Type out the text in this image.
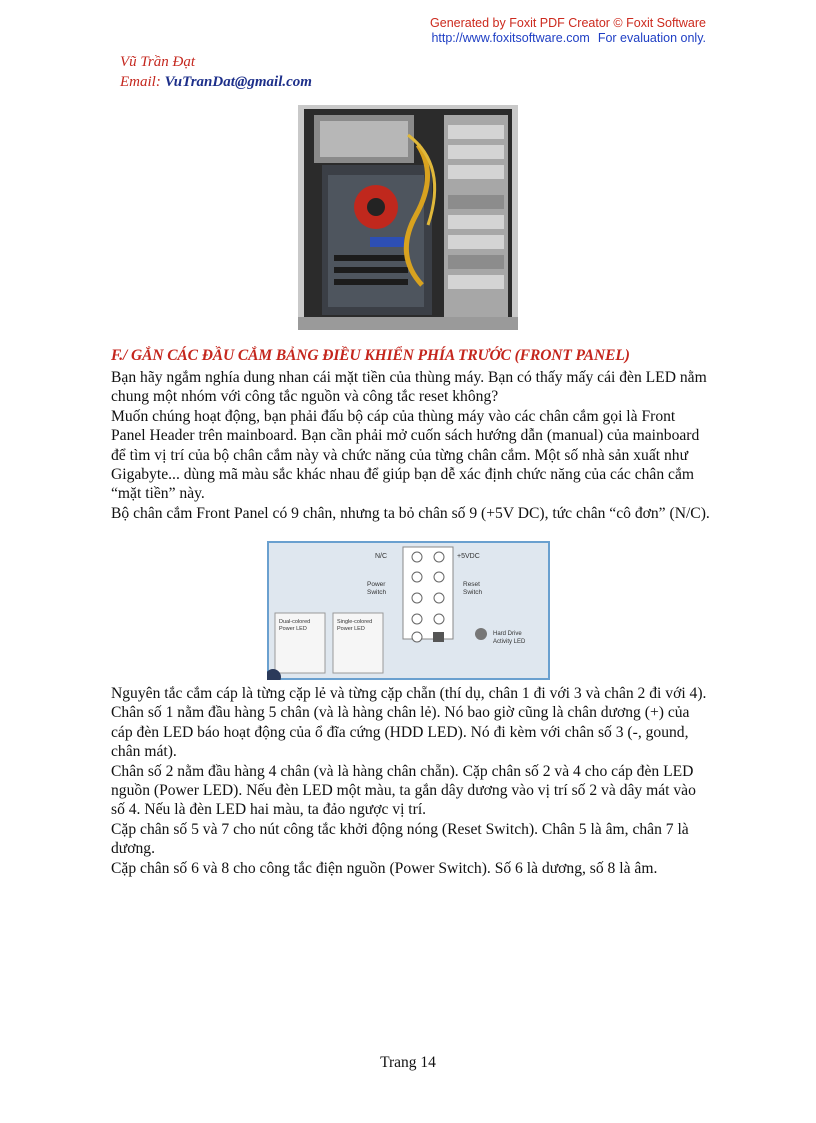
Generated by Foxit PDF Creator © Foxit Software
http://www.foxitsoftware.com For evaluation only.
Vũ Trần Đạt
Email: VuTranDat@gmail.com
F./ GẮN CÁC ĐẦU CẮM BẢNG ĐIỀU KHIỂN PHÍA TRƯỚC (FRONT PANEL)

Bạn hãy ngắm nghía dung nhan cái mặt tiền của thùng máy. Bạn có thấy mấy cái đèn LED nằm chung một nhóm với công tắc nguồn và công tắc reset không?

Muốn chúng hoạt động, bạn phải đấu bộ cáp của thùng máy vào các chân cắm gọi là Front Panel Header trên mainboard. Bạn cần phải mở cuốn sách hướng dẫn (manual) của mainboard để tìm vị trí của bộ chân cắm này và chức năng của từng chân cắm. Một số nhà sản xuất như Gigabyte... dùng mã màu sắc khác nhau để giúp bạn dễ xác định chức năng của các chân cắm “mặt tiền” này.

Bộ chân cắm Front Panel có 9 chân, nhưng ta bỏ chân số 9 (+5V DC), tức chân “cô đơn” (N/C).

N/C	+5VDC
Power
Switch
Reset
Switch
Dual-colored
Power LED
Single-colored
Power LED
Hard Drive
Activity LED

Nguyên tắc cắm cáp là từng cặp lẻ và từng cặp chẵn (thí dụ, chân 1 đi với 3 và chân 2 đi với 4).

Chân số 1 nằm đầu hàng 5 chân (và là hàng chân lẻ). Nó bao giờ cũng là chân dương (+) của cáp đèn LED báo hoạt động của ổ đĩa cứng (HDD LED). Nó đi kèm với chân số 3 (-, gound, chân mát).

Chân số 2 nằm đầu hàng 4 chân (và là hàng chân chẵn). Cặp chân số 2 và 4 cho cáp đèn LED nguồn (Power LED). Nếu đèn LED một màu, ta gắn dây dương vào vị trí số 2 và dây mát vào số 4. Nếu là đèn LED hai màu, ta đảo ngược vị trí.

Cặp chân số 5 và 7 cho nút công tắc khởi động nóng (Reset Switch). Chân 5 là âm, chân 7 là dương.

Cặp chân số 6 và 8 cho công tắc điện nguồn (Power Switch). Số 6 là dương, số 8 là âm.

Trang 14
